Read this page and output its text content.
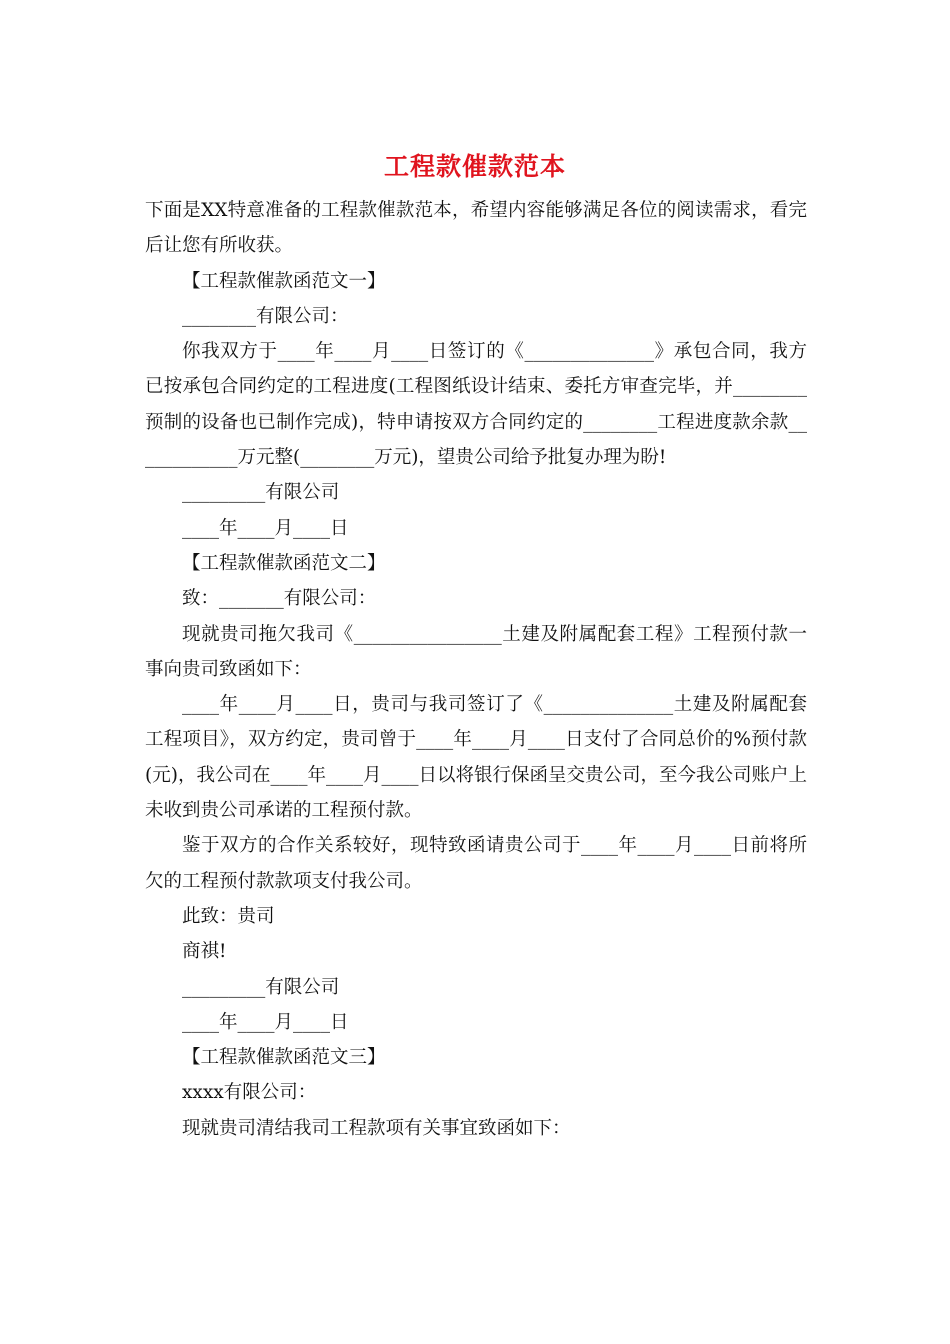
工程款催款范本

下面是XX特意准备的工程款催款范本，希望内容能够满足各位的阅读需求，看完后让您有所收获。

【工程款催款函范文一】

________有限公司：

你我双方于____年____月____日签订的《______________》承包合同，我方已按承包合同约定的工程进度(工程图纸设计结束、委托方审查完毕，并________预制的设备也已制作完成)，特申请按双方合同约定的________工程进度款余款____________万元整(________万元)，望贵公司给予批复办理为盼!

_________有限公司

____年____月____日

【工程款催款函范文二】

致：_______有限公司：

现就贵司拖欠我司《________________土建及附属配套工程》工程预付款一事向贵司致函如下：

____年____月____日，贵司与我司签订了《______________土建及附属配套工程项目》，双方约定，贵司曾于____年____月____日支付了合同总价的%预付款(元)，我公司在____年____月____日以将银行保函呈交贵公司，至今我公司账户上未收到贵公司承诺的工程预付款。

鉴于双方的合作关系较好，现特致函请贵公司于____年____月____日前将所欠的工程预付款款项支付我公司。

此致：贵司

商祺!

_________有限公司

____年____月____日

【工程款催款函范文三】

xxxx有限公司：

现就贵司清结我司工程款项有关事宜致函如下：
